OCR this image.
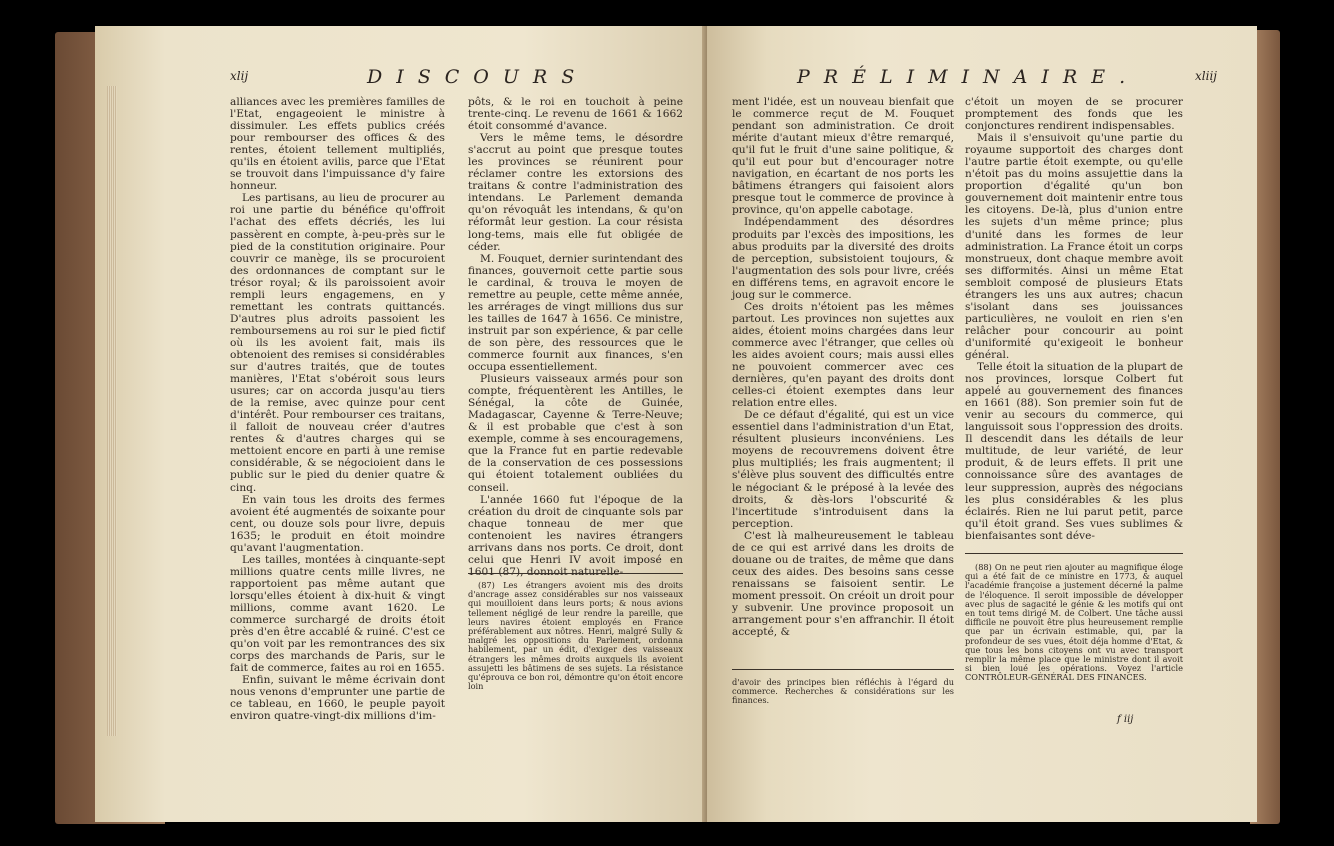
xlij	DISCOURS

alliances avec les premières familles de l'Etat, engageoient le ministre à dissimuler. Les effets publics créés pour rembourser des offices & des rentes, étoient tellement multipliés, qu'ils en étoient avilis, parce que l'Etat se trouvoit dans l'impuissance d'y faire honneur.

Les partisans, au lieu de procurer au roi une partie du bénéfice qu'offroit l'achat des effets décriés, les lui passèrent en compte, à-peu-près sur le pied de la constitution originaire. Pour couvrir ce manège, ils se procuroient des ordonnances de comptant sur le trésor royal; & ils paroissoient avoir rempli leurs engagemens, en y remettant les contrats quittancés. D'autres plus adroits passoient les remboursemens au roi sur le pied fictif où ils les avoient fait, mais ils obtenoient des remises si considérables sur d'autres traités, que de toutes manières, l'Etat s'obéroit sous leurs usures; car on accorda jusqu'au tiers de la remise, avec quinze pour cent d'intérêt. Pour rembourser ces traitans, il falloit de nouveau créer d'autres rentes & d'autres charges qui se mettoient encore en parti à une remise considérable, & se négocioient dans le public sur le pied du denier quatre & cinq.

En vain tous les droits des fermes avoient été augmentés de soixante pour cent, ou douze sols pour livre, depuis 1635; le produit en étoit moindre qu'avant l'augmentation.

Les tailles, montées à cinquante-sept millions quatre cents mille livres, ne rapportoient pas même autant que lorsqu'elles étoient à dix-huit & vingt millions, comme avant 1620. Le commerce surchargé de droits étoit près d'en être accablé & ruiné. C'est ce qu'on voit par les remontrances des six corps des marchands de Paris, sur le fait de commerce, faites au roi en 1655.

Enfin, suivant le même écrivain dont nous venons d'emprunter une partie de ce tableau, en 1660, le peuple payoit environ quatre-vingt-dix millions d'im-

pôts, & le roi en touchoit à peine trente-cinq. Le revenu de 1661 & 1662 étoit consommé d'avance.

Vers le même tems, le désordre s'accrut au point que presque toutes les provinces se réunirent pour réclamer contre les extorsions des traitans & contre l'administration des intendans. Le Parlement demanda qu'on révoquât les intendans, & qu'on réformât leur gestion. La cour résista long-tems, mais elle fut obligée de céder.

M. Fouquet, dernier surintendant des finances, gouvernoit cette partie sous le cardinal, & trouva le moyen de remettre au peuple, cette même année, les arrérages de vingt millions dus sur les tailles de 1647 à 1656. Ce ministre, instruit par son expérience, & par celle de son père, des ressources que le commerce fournit aux finances, s'en occupa essentiellement.

Plusieurs vaisseaux armés pour son compte, fréquentèrent les Antilles, le Sénégal, la côte de Guinée, Madagascar, Cayenne & Terre-Neuve; & il est probable que c'est à son exemple, comme à ses encouragemens, que la France fut en partie redevable de la conservation de ces possessions qui étoient totalement oubliées du conseil.

L'année 1660 fut l'époque de la création du droit de cinquante sols par chaque tonneau de mer que contenoient les navires étrangers arrivans dans nos ports. Ce droit, dont celui que Henri IV avoit imposé en 1601 (87), donnoit naturelle-

(87) Les étrangers avoient mis des droits d'ancrage assez considérables sur nos vaisseaux qui mouilloient dans leurs ports; & nous avions tellement négligé de leur rendre la pareille, que leurs navires étoient employés en France préférablement aux nôtres. Henri, malgré Sully & malgré les oppositions du Parlement, ordonna habilement, par un édit, d'exiger des vaisseaux étrangers les mêmes droits auxquels ils avoient assujetti les bâtimens de ses sujets. La résistance qu'éprouva ce bon roi, démontre qu'on étoit encore loin

PRÉLIMINAIRE.	xliij

ment l'idée, est un nouveau bienfait que le commerce reçut de M. Fouquet pendant son administration. Ce droit mérite d'autant mieux d'être remarqué, qu'il fut le fruit d'une saine politique, & qu'il eut pour but d'encourager notre navigation, en écartant de nos ports les bâtimens étrangers qui faisoient alors presque tout le commerce de province à province, qu'on appelle cabotage.

Indépendamment des désordres produits par l'excès des impositions, les abus produits par la diversité des droits de perception, subsistoient toujours, & l'augmentation des sols pour livre, créés en différens tems, en agravoit encore le joug sur le commerce.

Ces droits n'étoient pas les mêmes partout. Les provinces non sujettes aux aides, étoient moins chargées dans leur commerce avec l'étranger, que celles où les aides avoient cours; mais aussi elles ne pouvoient commercer avec ces dernières, qu'en payant des droits dont celles-ci étoient exemptes dans leur relation entre elles.

De ce défaut d'égalité, qui est un vice essentiel dans l'administration d'un Etat, résultent plusieurs inconvéniens. Les moyens de recouvremens doivent être plus multipliés; les frais augmentent; il s'élève plus souvent des difficultés entre le négociant & le préposé à la levée des droits, & dès-lors l'obscurité & l'incertitude s'introduisent dans la perception.

C'est là malheureusement le tableau de ce qui est arrivé dans les droits de douane ou de traites, de même que dans ceux des aides. Des besoins sans cesse renaissans se faisoient sentir. Le moment pressoit. On créoit un droit pour y subvenir. Une province proposoit un arrangement pour s'en affranchir. Il étoit accepté, &

d'avoir des principes bien réfléchis à l'égard du commerce. Recherches & considérations sur les finances.

c'étoit un moyen de se procurer promptement des fonds que les conjonctures rendirent indispensables.

Mais il s'ensuivoit qu'une partie du royaume supportoit des charges dont l'autre partie étoit exempte, ou qu'elle n'étoit pas du moins assujettie dans la proportion d'égalité qu'un bon gouvernement doit maintenir entre tous les citoyens. De-là, plus d'union entre les sujets d'un même prince; plus d'unité dans les formes de leur administration. La France étoit un corps monstrueux, dont chaque membre avoit ses difformités. Ainsi un même Etat sembloit composé de plusieurs Etats étrangers les uns aux autres; chacun s'isolant dans ses jouissances particulières, ne vouloit en rien s'en relâcher pour concourir au point d'uniformité qu'exigeoit le bonheur général.

Telle étoit la situation de la plupart de nos provinces, lorsque Colbert fut appelé au gouvernement des finances en 1661 (88). Son premier soin fut de venir au secours du commerce, qui languissoit sous l'oppression des droits. Il descendit dans les détails de leur multitude, de leur variété, de leur produit, & de leurs effets. Il prit une connoissance sûre des avantages de leur suppression, auprès des négocians les plus considérables & les plus éclairés. Rien ne lui parut petit, parce qu'il étoit grand. Ses vues sublimes & bienfaisantes sont déve-

(88) On ne peut rien ajouter au magnifique éloge qui a été fait de ce ministre en 1773, & auquel l'académie françoise a justement décerné la palme de l'éloquence. Il seroit impossible de développer avec plus de sagacité le génie & les motifs qui ont en tout tems dirigé M. de Colbert. Une tâche aussi difficile ne pouvoit être plus heureusement remplie que par un écrivain estimable, qui, par la profondeur de ses vues, étoit déja homme d'Etat, & que tous les bons citoyens ont vu avec transport remplir la même place que le ministre dont il avoit si bien loué les opérations. Voyez l'article CONTRÔLEUR-GÉNÉRAL DES FINANCES.

f iij
